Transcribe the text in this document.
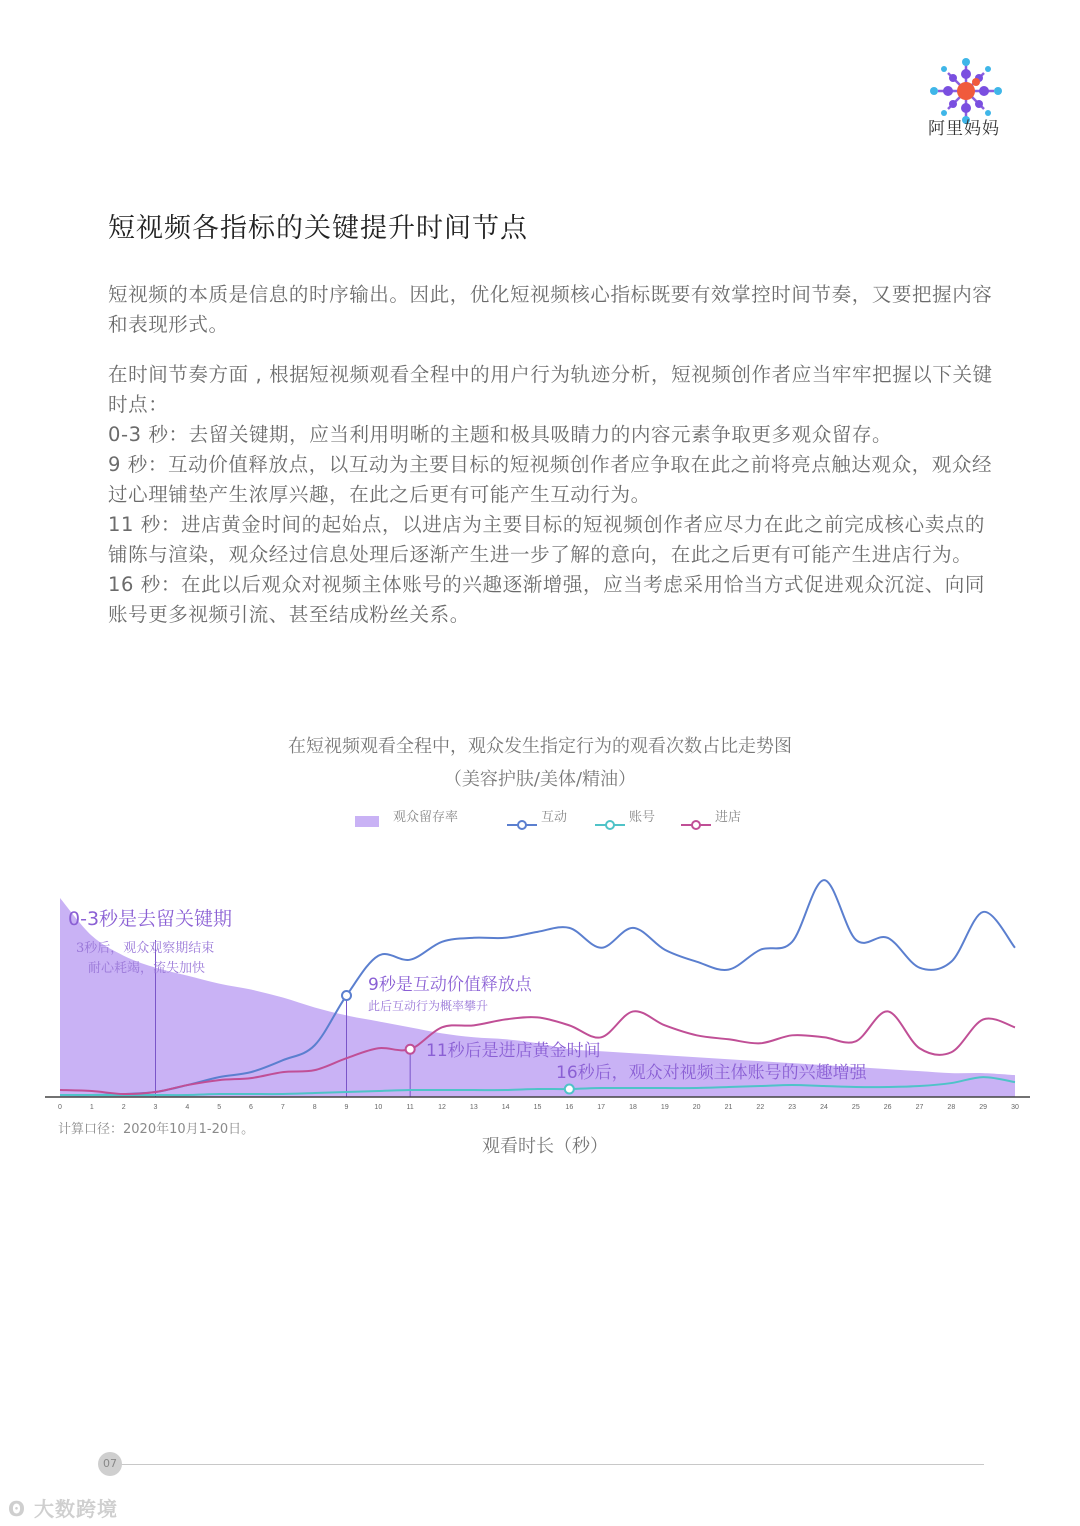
阿里妈妈
短视频各指标的关键提升时间节点

短视频的本质是信息的时序输出。因此，优化短视频核心指标既要有效掌控时间节奏，又要把握内容和表现形式。

在时间节奏方面 , 根据短视频观看全程中的用户行为轨迹分析，短视频创作者应当牢牢把握以下关键时点：

0-3 秒：去留关键期，应当利用明晰的主题和极具吸睛力的内容元素争取更多观众留存。

9 秒：互动价值释放点，以互动为主要目标的短视频创作者应争取在此之前将亮点触达观众，观众经过心理铺垫产生浓厚兴趣，在此之后更有可能产生互动行为。

11 秒：进店黄金时间的起始点，以进店为主要目标的短视频创作者应尽力在此之前完成核心卖点的铺陈与渲染，观众经过信息处理后逐渐产生进一步了解的意向，在此之后更有可能产生进店行为。

16 秒：在此以后观众对视频主体账号的兴趣逐渐增强，应当考虑采用恰当方式促进观众沉淀、向同账号更多视频引流、甚至结成粉丝关系。

在短视频观看全程中，观众发生指定行为的观看次数占比走势图
（美容护肤/美体/精油）
观众留存率	互动	账号	进店
0	1	2	3	4	5	6	7	8	9	10	11	12	13	14	15	16	17	18	19	20	21	22	23	24	25	26	27	28	29	30
0-3秒是去留关键期
3秒后，观众观察期结束
耐心耗竭，流失加快
9秒是互动价值释放点
此后互动行为概率攀升
11秒后是进店黄金时间
16秒后，观众对视频主体账号的兴趣增强
计算口径：2020年10月1-20日。
观看时长（秒）
07
ʘ 大数跨境
